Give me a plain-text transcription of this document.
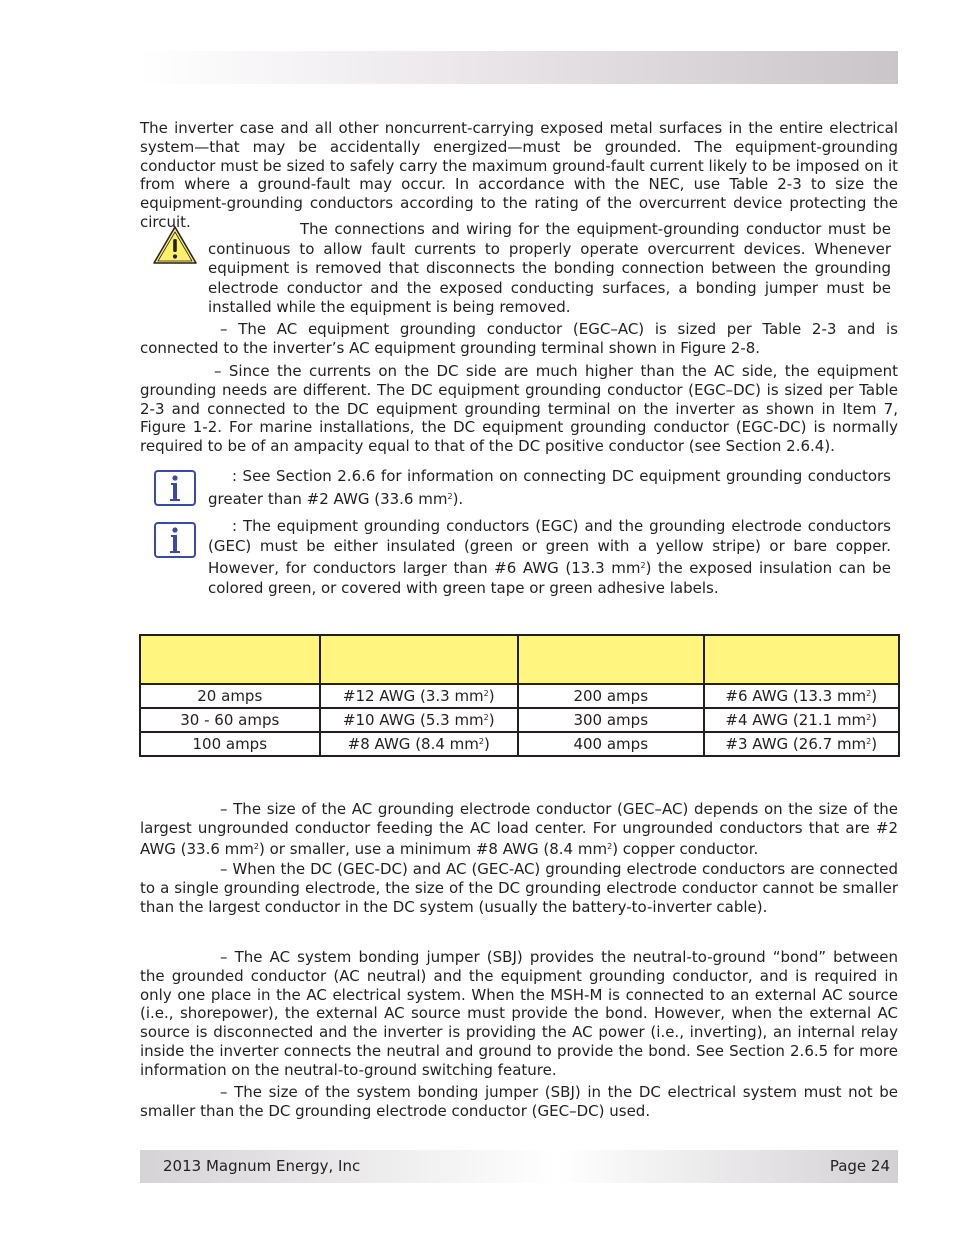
The inverter case and all other noncurrent-carrying exposed metal surfaces in the entire electrical system—that may be accidentally energized—must be grounded. The equipment-grounding conductor must be sized to safely carry the maximum ground-fault current likely to be imposed on it from where a ground-fault may occur. In accordance with the NEC, use Table 2-3 to size the equipment-grounding conductors according to the rating of the overcurrent device protecting the circuit.	The connections and wiring for the equipment-grounding conductor must be continuous to allow fault currents to properly operate overcurrent devices. Whenever equipment is removed that disconnects the bonding connection between the grounding electrode conductor and the exposed conducting surfaces, a bonding jumper must be installed while the equipment is being removed.

– The AC equipment grounding conductor (EGC–AC) is sized per Table 2-3 and is connected to the inverter’s AC equipment grounding terminal shown in Figure 2-8.

– Since the currents on the DC side are much higher than the AC side, the equipment grounding needs are different. The DC equipment grounding conductor (EGC–DC) is sized per Table 2-3 and connected to the DC equipment grounding terminal on the inverter as shown in Item 7, Figure 1-2. For marine installations, the DC equipment grounding conductor (EGC-DC) is normally required to be of an ampacity equal to that of the DC positive conductor (see Section 2.6.4).

: See Section 2.6.6 for information on connecting DC equipment grounding conductors greater than #2 AWG (33.6 $mm^2$).

: The equipment grounding conductors (EGC) and the grounding electrode conductors (GEC) must be either insulated (green or green with a yellow stripe) or bare copper. However, for conductors larger than #6 AWG (13.3 $mm^2$) the exposed insulation can be colored green, or covered with green tape or green adhesive labels.

20 amps	#12 AWG (3.3 $mm^2$)	200 amps	#6 AWG (13.3 $mm^2$)
30 - 60 amps	#10 AWG (5.3 $mm^2$)	300 amps	#4 AWG (21.1 $mm^2$)
100 amps	#8 AWG (8.4 $mm^2$)	400 amps	#3 AWG (26.7 $mm^2$)

– The size of the AC grounding electrode conductor (GEC–AC) depends on the size of the largest ungrounded conductor feeding the AC load center. For ungrounded conductors that are #2 AWG (33.6 $mm^2$) or smaller, use a minimum #8 AWG (8.4 $mm^2$) copper conductor.

– When the DC (GEC-DC) and AC (GEC-AC) grounding electrode conductors are connected to a single grounding electrode, the size of the DC grounding electrode conductor cannot be smaller than the largest conductor in the DC system (usually the battery-to-inverter cable).

– The AC system bonding jumper (SBJ) provides the neutral-to-ground “bond” between the grounded conductor (AC neutral) and the equipment grounding conductor, and is required in only one place in the AC electrical system. When the MSH-M is connected to an external AC source (i.e., shorepower), the external AC source must provide the bond. However, when the external AC source is disconnected and the inverter is providing the AC power (i.e., inverting), an internal relay inside the inverter connects the neutral and ground to provide the bond. See Section 2.6.5 for more information on the neutral-to-ground switching feature.

– The size of the system bonding jumper (SBJ) in the DC electrical system must not be smaller than the DC grounding electrode conductor (GEC–DC) used.

2013 Magnum Energy, Inc	Page 24
